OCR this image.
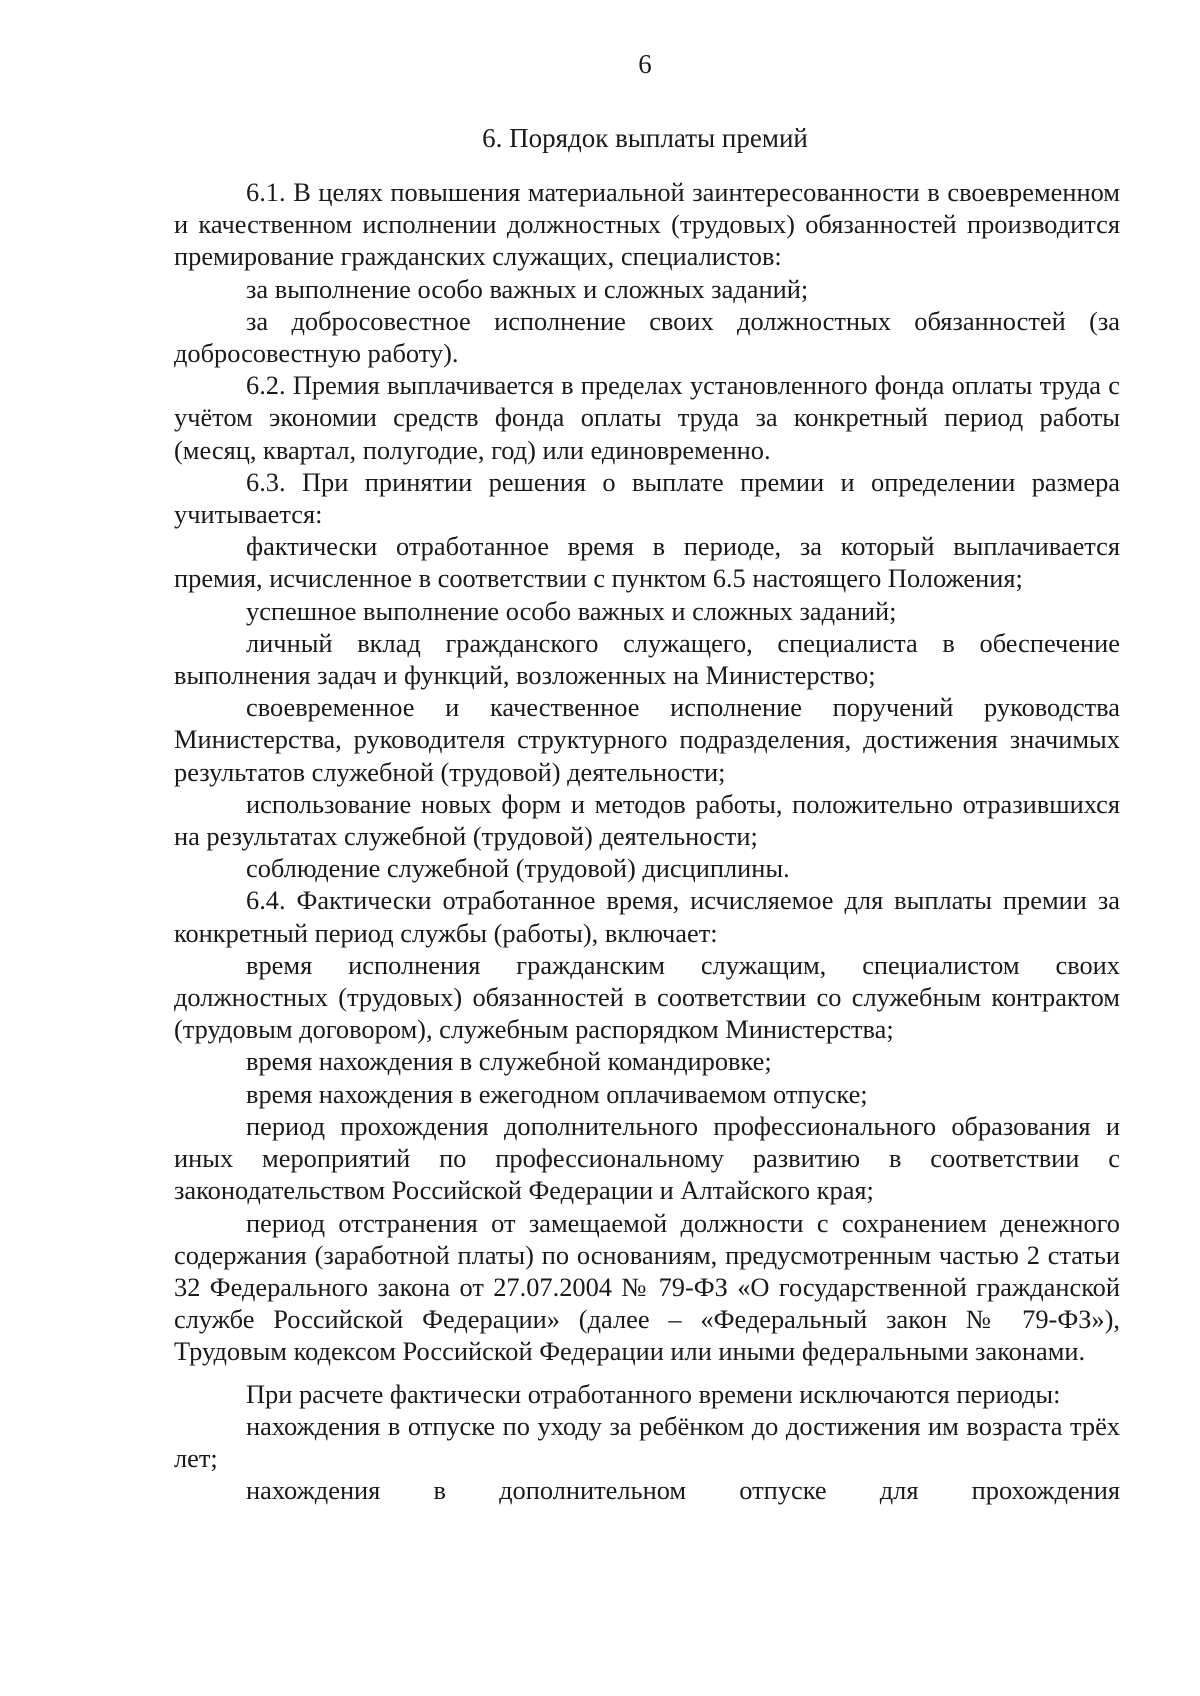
6
6. Порядок выплаты премий

6.1. В целях повышения материальной заинтересованности в своевременном и качественном исполнении должностных (трудовых) обязанностей производится премирование гражданских служащих, специалистов:

за выполнение особо важных и сложных заданий;

за добросовестное исполнение своих должностных обязанностей (за добросовестную работу).

6.2. Премия выплачивается в пределах установленного фонда оплаты труда с учётом экономии средств фонда оплаты труда за конкретный период работы (месяц, квартал, полугодие, год) или единовременно.

6.3. При принятии решения о выплате премии и определении размера учитывается:

фактически отработанное время в периоде, за который выплачивается премия, исчисленное в соответствии с пунктом 6.5 настоящего Положения;

успешное выполнение особо важных и сложных заданий;

личный вклад гражданского служащего, специалиста в обеспечение выполнения задач и функций, возложенных на Министерство;

своевременное и качественное исполнение поручений руководства Министерства, руководителя структурного подразделения, достижения значимых результатов служебной (трудовой) деятельности;

использование новых форм и методов работы, положительно отразившихся на результатах служебной (трудовой) деятельности;

соблюдение служебной (трудовой) дисциплины.

6.4. Фактически отработанное время, исчисляемое для выплаты премии за конкретный период службы (работы), включает:

время исполнения гражданским служащим, специалистом своих должностных (трудовых) обязанностей в соответствии со служебным контрактом (трудовым договором), служебным распорядком Министерства;

время нахождения в служебной командировке;

время нахождения в ежегодном оплачиваемом отпуске;

период прохождения дополнительного профессионального образования и иных мероприятий по профессиональному развитию в соответствии с законодательством Российской Федерации и Алтайского края;

период отстранения от замещаемой должности с сохранением денежного содержания (заработной платы) по основаниям, предусмотренным частью 2 статьи 32 Федерального закона от 27.07.2004 № 79-ФЗ «О государственной гражданской службе Российской Федерации» (далее – «Федеральный закон № 79-ФЗ»), Трудовым кодексом Российской Федерации или иными федеральными законами.

При расчете фактически отработанного времени исключаются периоды:

нахождения в отпуске по уходу за ребёнком до достижения им возраста трёх лет;

нахождения в дополнительном отпуске для прохождения
